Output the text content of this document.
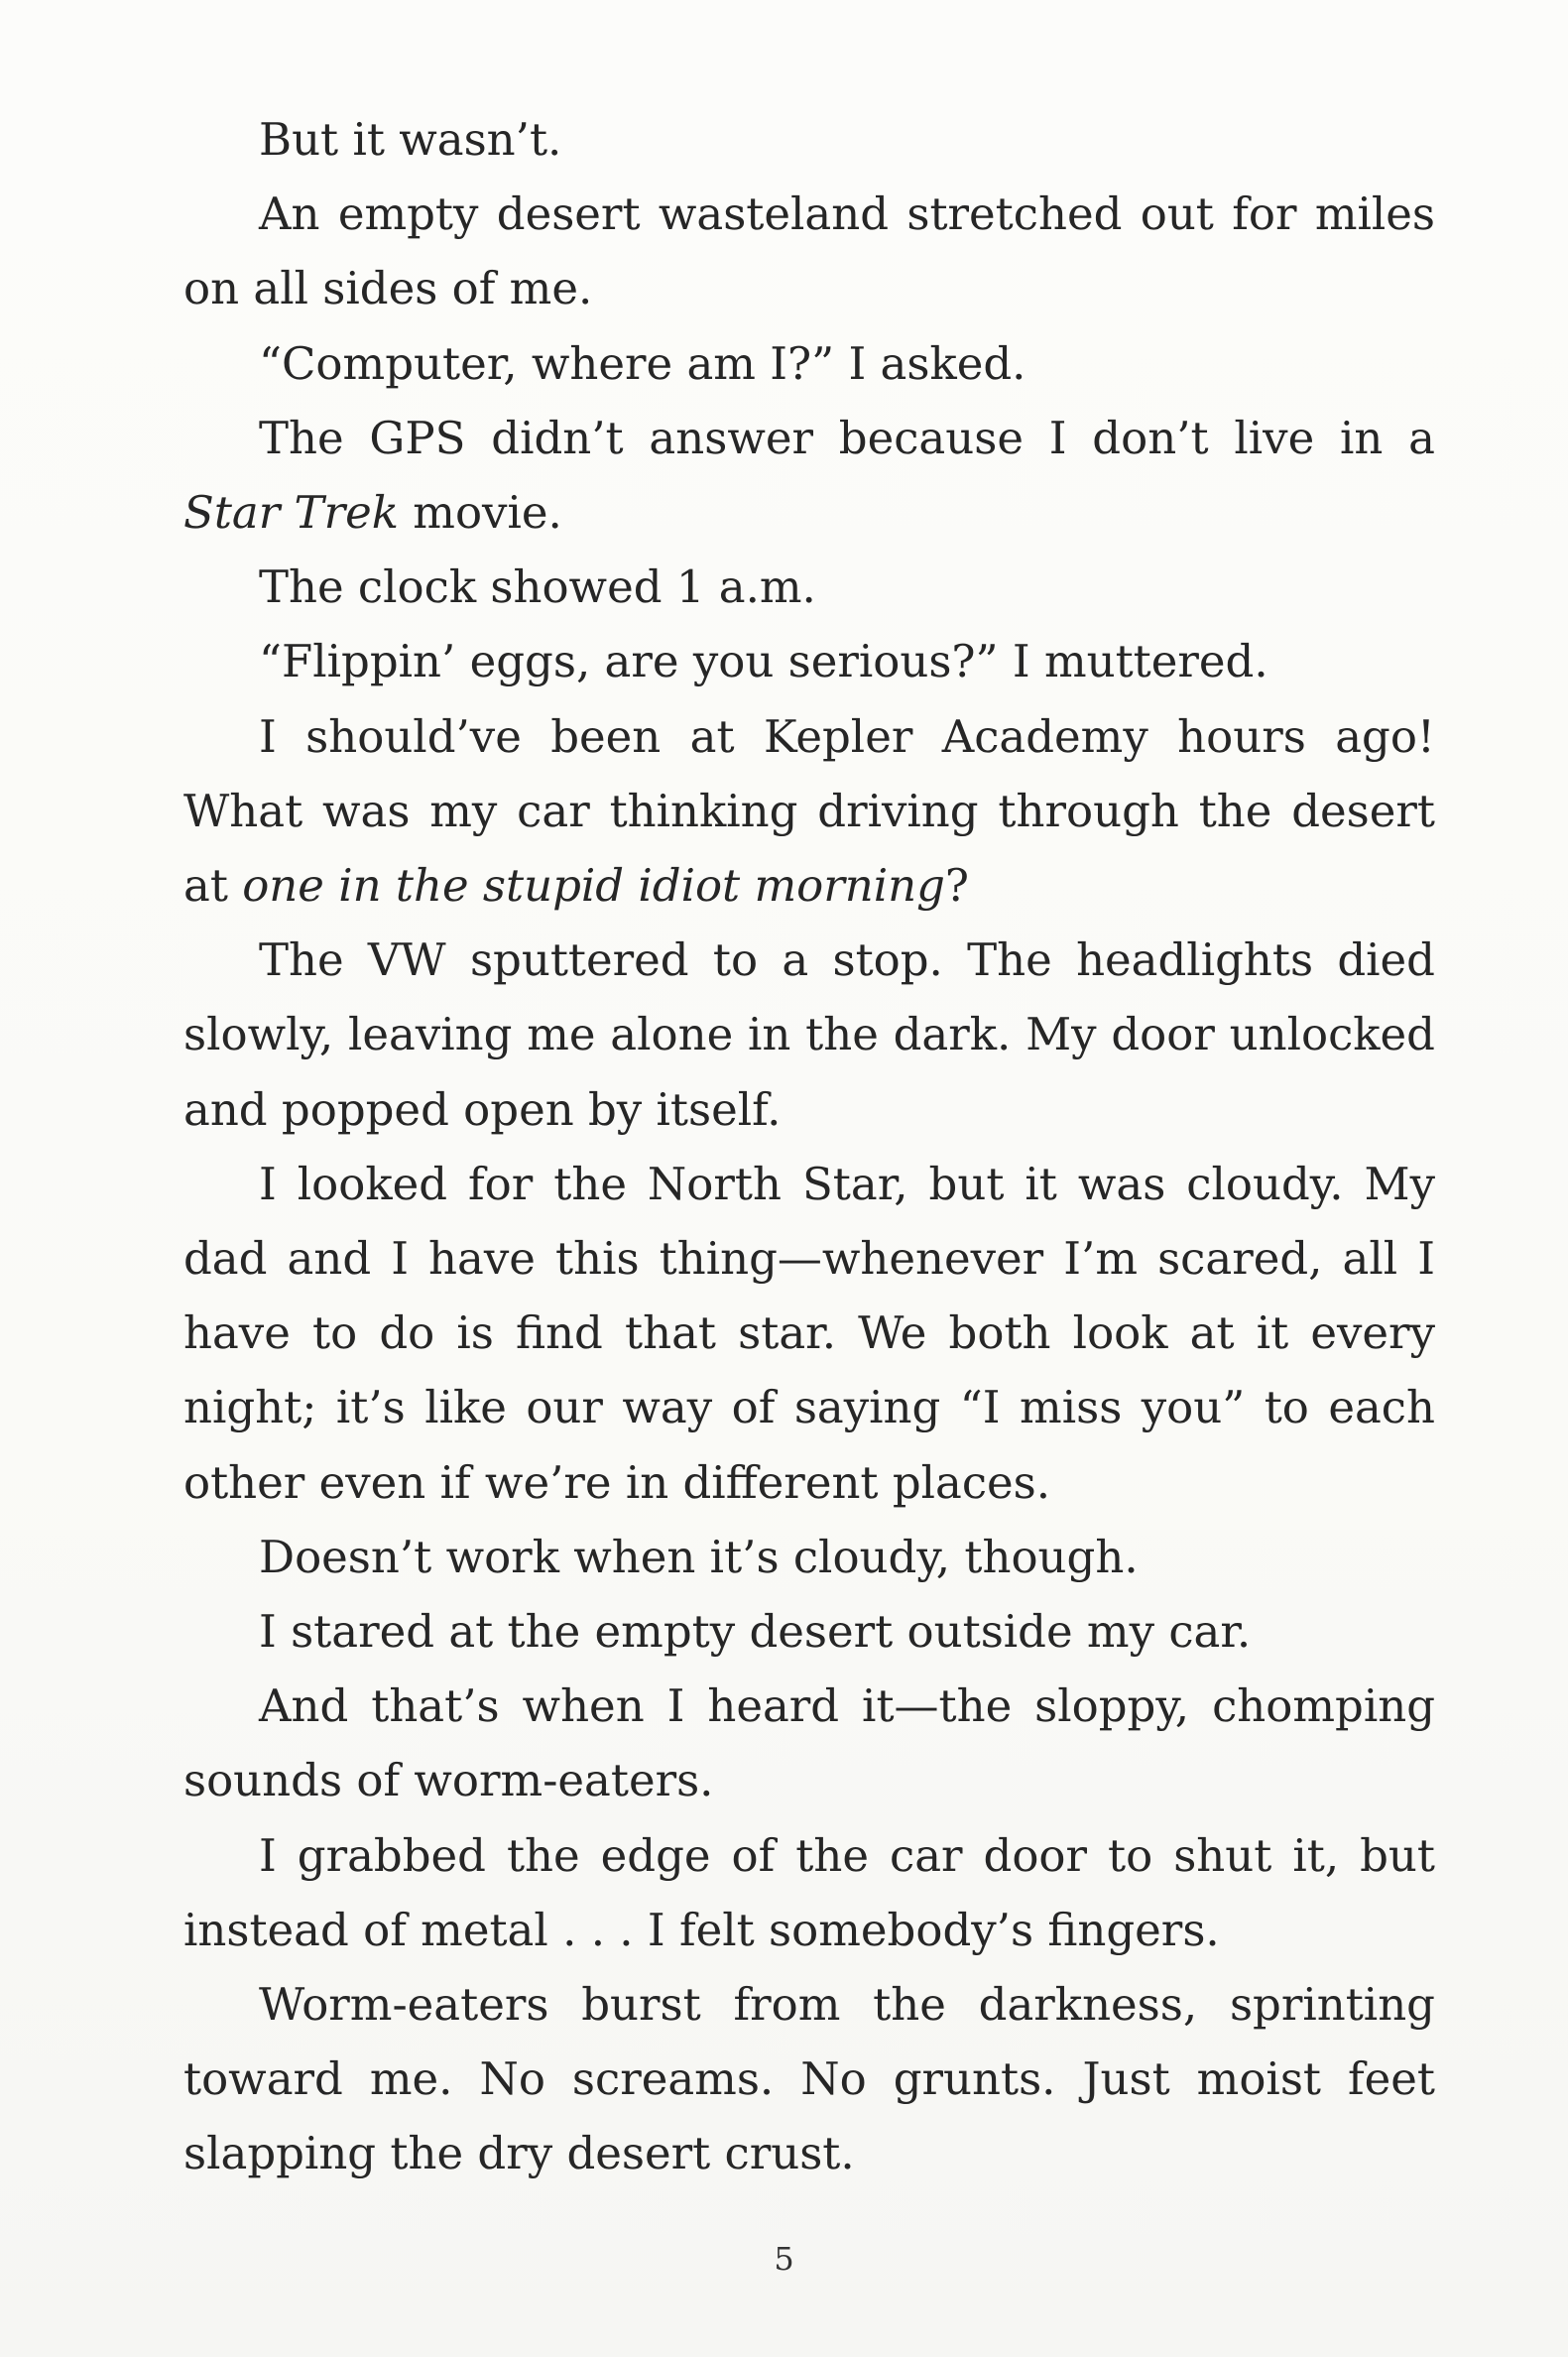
But it wasn’t.

An empty desert wasteland stretched out for miles on all sides of me.

“Computer, where am I?” I asked.

The GPS didn’t answer because I don’t live in a Star Trek movie.

The clock showed 1 a.m.

“Flippin’ eggs, are you serious?” I muttered.

I should’ve been at Kepler Academy hours ago! What was my car thinking driving through the desert at one in the stupid idiot morning?

The VW sputtered to a stop. The headlights died slowly, leaving me alone in the dark. My door unlocked and popped open by itself.

I looked for the North Star, but it was cloudy. My dad and I have this thing—whenever I’m scared, all I have to do is find that star. We both look at it every night; it’s like our way of saying “I miss you” to each other even if we’re in different places.

Doesn’t work when it’s cloudy, though.

I stared at the empty desert outside my car.

And that’s when I heard it—the sloppy, chomping sounds of worm-eaters.

I grabbed the edge of the car door to shut it, but instead of metal . . . I felt somebody’s fingers.

Worm-eaters burst from the darkness, sprinting toward me. No screams. No grunts. Just moist feet slapping the dry desert crust.

5
